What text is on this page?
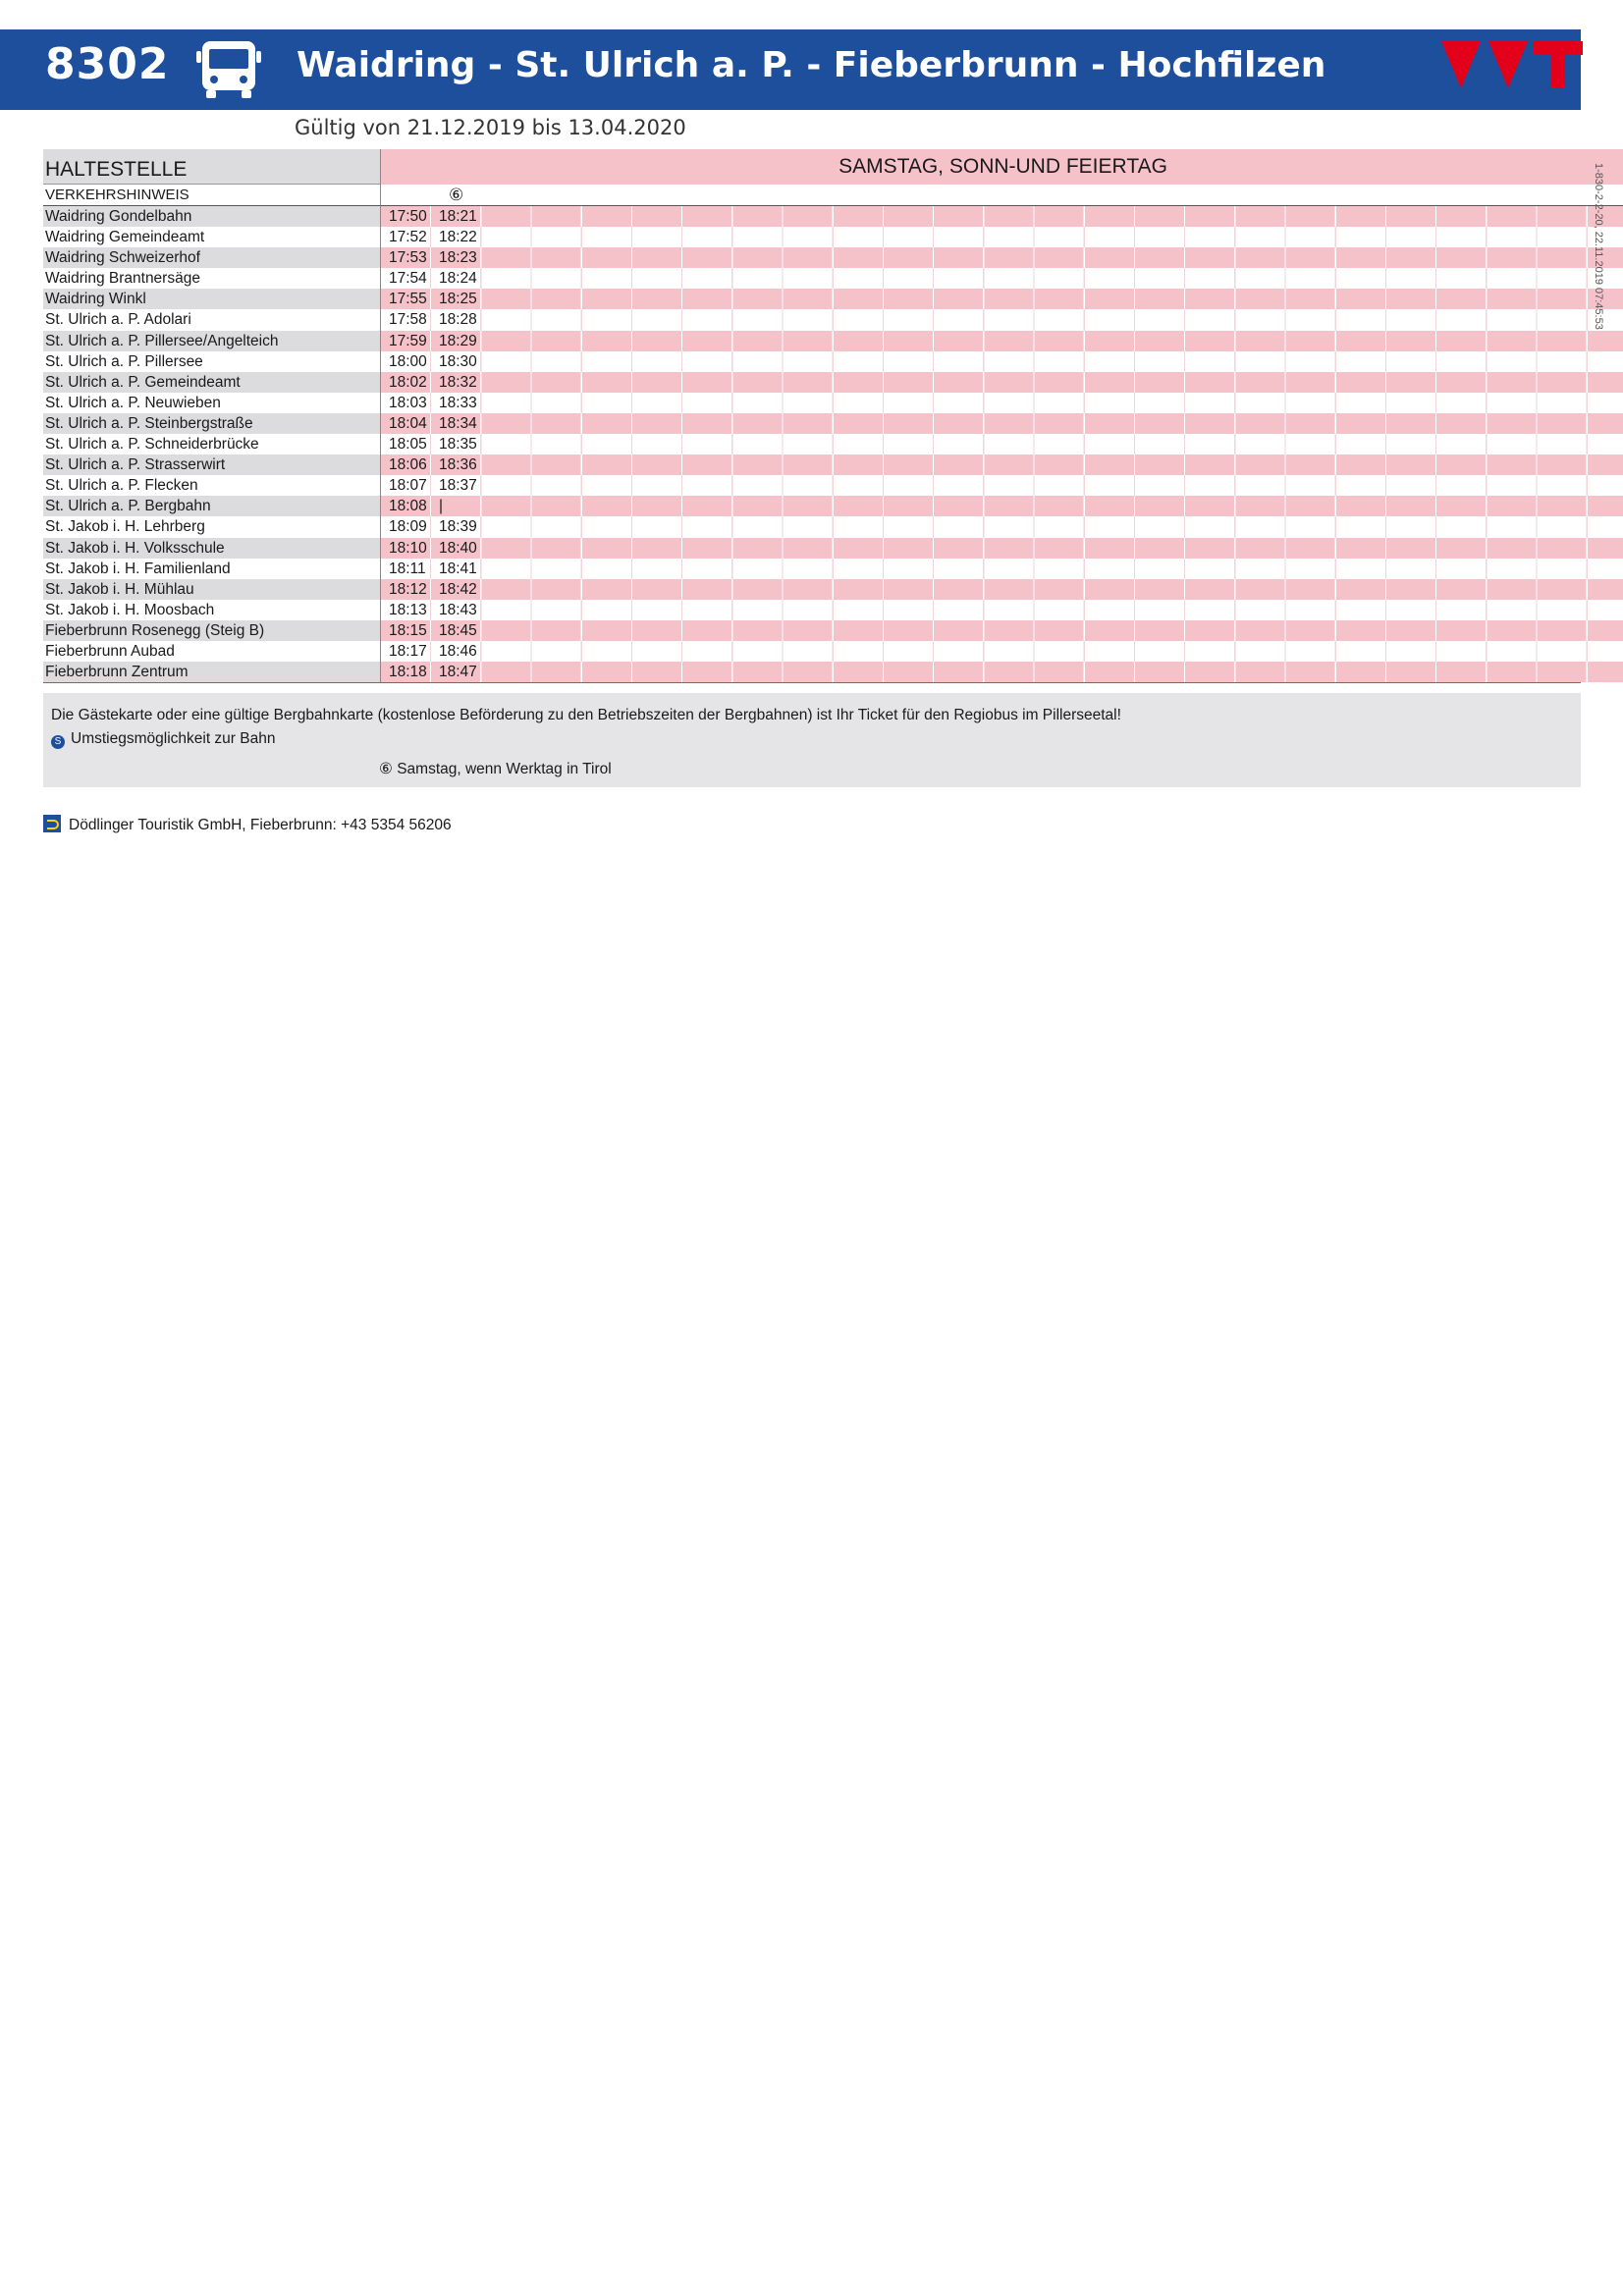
8302	Waidring - St. Ulrich a. P. - Fieberbrunn - Hochfilzen
Gültig von 21.12.2019 bis 13.04.2020
HALTESTELLE	SAMSTAG, SONN-UND FEIERTAG
VERKEHRSHINWEIS	⑥
Waidring Gondelbahn	17:50 18:21
Waidring Gemeindeamt	17:52 18:22
Waidring Schweizerhof	17:53 18:23
Waidring Brantnersäge	17:54 18:24
Waidring Winkl	17:55 18:25
St. Ulrich a. P. Adolari	17:58 18:28
St. Ulrich a. P. Pillersee/Angelteich	17:59 18:29
St. Ulrich a. P. Pillersee	18:00 18:30
St. Ulrich a. P. Gemeindeamt	18:02 18:32
St. Ulrich a. P. Neuwieben	18:03 18:33
St. Ulrich a. P. Steinbergstraße	18:04 18:34
St. Ulrich a. P. Schneiderbrücke	18:05 18:35
St. Ulrich a. P. Strasserwirt	18:06 18:36
St. Ulrich a. P. Flecken	18:07 18:37
St. Ulrich a. P. Bergbahn	18:08 |
St. Jakob i. H. Lehrberg	18:09 18:39
St. Jakob i. H. Volksschule	18:10 18:40
St. Jakob i. H. Familienland	18:11 18:41
St. Jakob i. H. Mühlau	18:12 18:42
St. Jakob i. H. Moosbach	18:13 18:43
Fieberbrunn Rosenegg (Steig B)	18:15 18:45
Fieberbrunn Aubad	18:17 18:46
Fieberbrunn Zentrum	18:18 18:47
Die Gästekarte oder eine gültige Bergbahnkarte (kostenlose Beförderung zu den Betriebszeiten der Bergbahnen) ist Ihr Ticket für den Regiobus im Pillerseetal!
S Umstiegsmöglichkeit zur Bahn
⑥ Samstag, wenn Werktag in Tirol
Dödlinger Touristik GmbH, Fieberbrunn: +43 5354 56206
1-830-2-2-​20, 22.11.2019 07:45:53
